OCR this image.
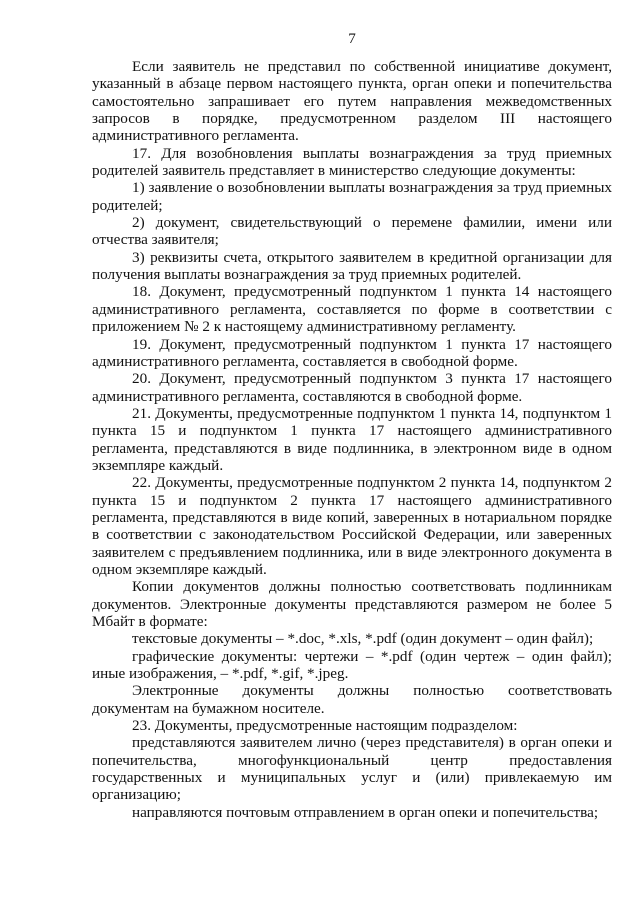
7

Если заявитель не представил по собственной инициативе документ, указанный в абзаце первом настоящего пункта, орган опеки и попечительства самостоятельно запрашивает его путем направления межведомственных запросов в порядке, предусмотренном разделом III настоящего административного регламента.

17. Для возобновления выплаты вознаграждения за труд приемных родителей заявитель представляет в министерство следующие документы:

1) заявление о возобновлении выплаты вознаграждения за труд приемных родителей;

2) документ, свидетельствующий о перемене фамилии, имени или отчества заявителя;

3) реквизиты счета, открытого заявителем в кредитной организации для получения выплаты вознаграждения за труд приемных родителей.

18. Документ, предусмотренный подпунктом 1 пункта 14 настоящего административного регламента, составляется по форме в соответствии с приложением № 2 к настоящему административному регламенту.

19. Документ, предусмотренный подпунктом 1 пункта 17 настоящего административного регламента, составляется в свободной форме.

20. Документ, предусмотренный подпунктом 3 пункта 17 настоящего административного регламента, составляются в свободной форме.

21. Документы, предусмотренные подпунктом 1 пункта 14, подпунктом 1 пункта 15 и подпунктом 1 пункта 17 настоящего административного регламента, представляются в виде подлинника, в электронном виде в одном экземпляре каждый.

22. Документы, предусмотренные подпунктом 2 пункта 14, подпунктом 2 пункта 15 и подпунктом 2 пункта 17 настоящего административного регламента, представляются в виде копий, заверенных в нотариальном порядке в соответствии с законодательством Российской Федерации, или заверенных заявителем с предъявлением подлинника, или в виде электронного документа в одном экземпляре каждый.

Копии документов должны полностью соответствовать подлинникам документов. Электронные документы представляются размером не более 5 Мбайт в формате:

текстовые документы – *.doc, *.xls, *.pdf (один документ – один файл);

графические документы: чертежи – *.pdf (один чертеж – один файл); иные изображения, – *.pdf, *.gif, *.jpeg.

Электронные документы должны полностью соответствовать документам на бумажном носителе.

23. Документы, предусмотренные настоящим подразделом:

представляются заявителем лично (через представителя) в орган опеки и попечительства, многофункциональный центр предоставления государственных и муниципальных услуг и (или) привлекаемую им организацию;

направляются почтовым отправлением в орган опеки и попечительства;
